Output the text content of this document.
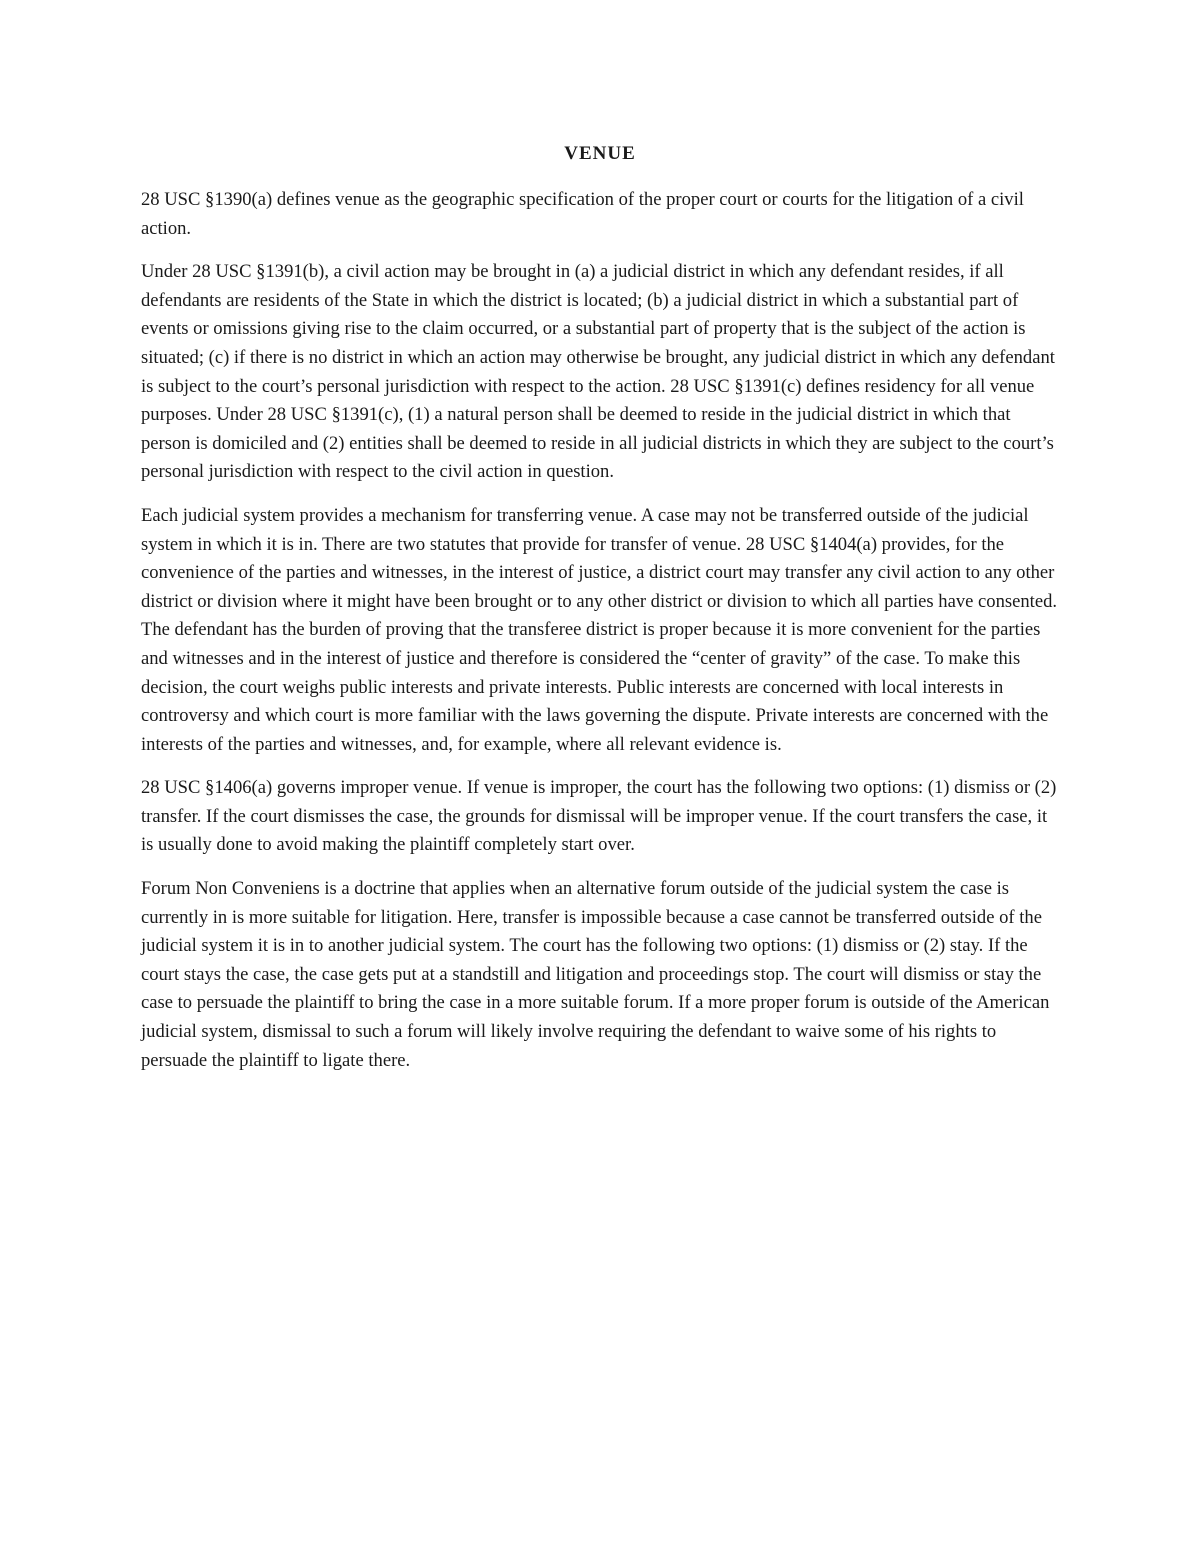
VENUE

28 USC §1390(a) defines venue as the geographic specification of the proper court or courts for the litigation of a civil action.

Under 28 USC §1391(b), a civil action may be brought in (a) a judicial district in which any defendant resides, if all defendants are residents of the State in which the district is located; (b) a judicial district in which a substantial part of events or omissions giving rise to the claim occurred, or a substantial part of property that is the subject of the action is situated; (c) if there is no district in which an action may otherwise be brought, any judicial district in which any defendant is subject to the court’s personal jurisdiction with respect to the action. 28 USC §1391(c) defines residency for all venue purposes. Under 28 USC §1391(c), (1) a natural person shall be deemed to reside in the judicial district in which that person is domiciled and (2) entities shall be deemed to reside in all judicial districts in which they are subject to the court’s personal jurisdiction with respect to the civil action in question.

Each judicial system provides a mechanism for transferring venue. A case may not be transferred outside of the judicial system in which it is in. There are two statutes that provide for transfer of venue. 28 USC §1404(a) provides, for the convenience of the parties and witnesses, in the interest of justice, a district court may transfer any civil action to any other district or division where it might have been brought or to any other district or division to which all parties have consented. The defendant has the burden of proving that the transferee district is proper because it is more convenient for the parties and witnesses and in the interest of justice and therefore is considered the “center of gravity” of the case. To make this decision, the court weighs public interests and private interests. Public interests are concerned with local interests in controversy and which court is more familiar with the laws governing the dispute. Private interests are concerned with the interests of the parties and witnesses, and, for example, where all relevant evidence is.

28 USC §1406(a) governs improper venue. If venue is improper, the court has the following two options: (1) dismiss or (2) transfer. If the court dismisses the case, the grounds for dismissal will be improper venue. If the court transfers the case, it is usually done to avoid making the plaintiff completely start over.

Forum Non Conveniens is a doctrine that applies when an alternative forum outside of the judicial system the case is currently in is more suitable for litigation. Here, transfer is impossible because a case cannot be transferred outside of the judicial system it is in to another judicial system. The court has the following two options: (1) dismiss or (2) stay. If the court stays the case, the case gets put at a standstill and litigation and proceedings stop. The court will dismiss or stay the case to persuade the plaintiff to bring the case in a more suitable forum. If a more proper forum is outside of the American judicial system, dismissal to such a forum will likely involve requiring the defendant to waive some of his rights to persuade the plaintiff to ligate there.
